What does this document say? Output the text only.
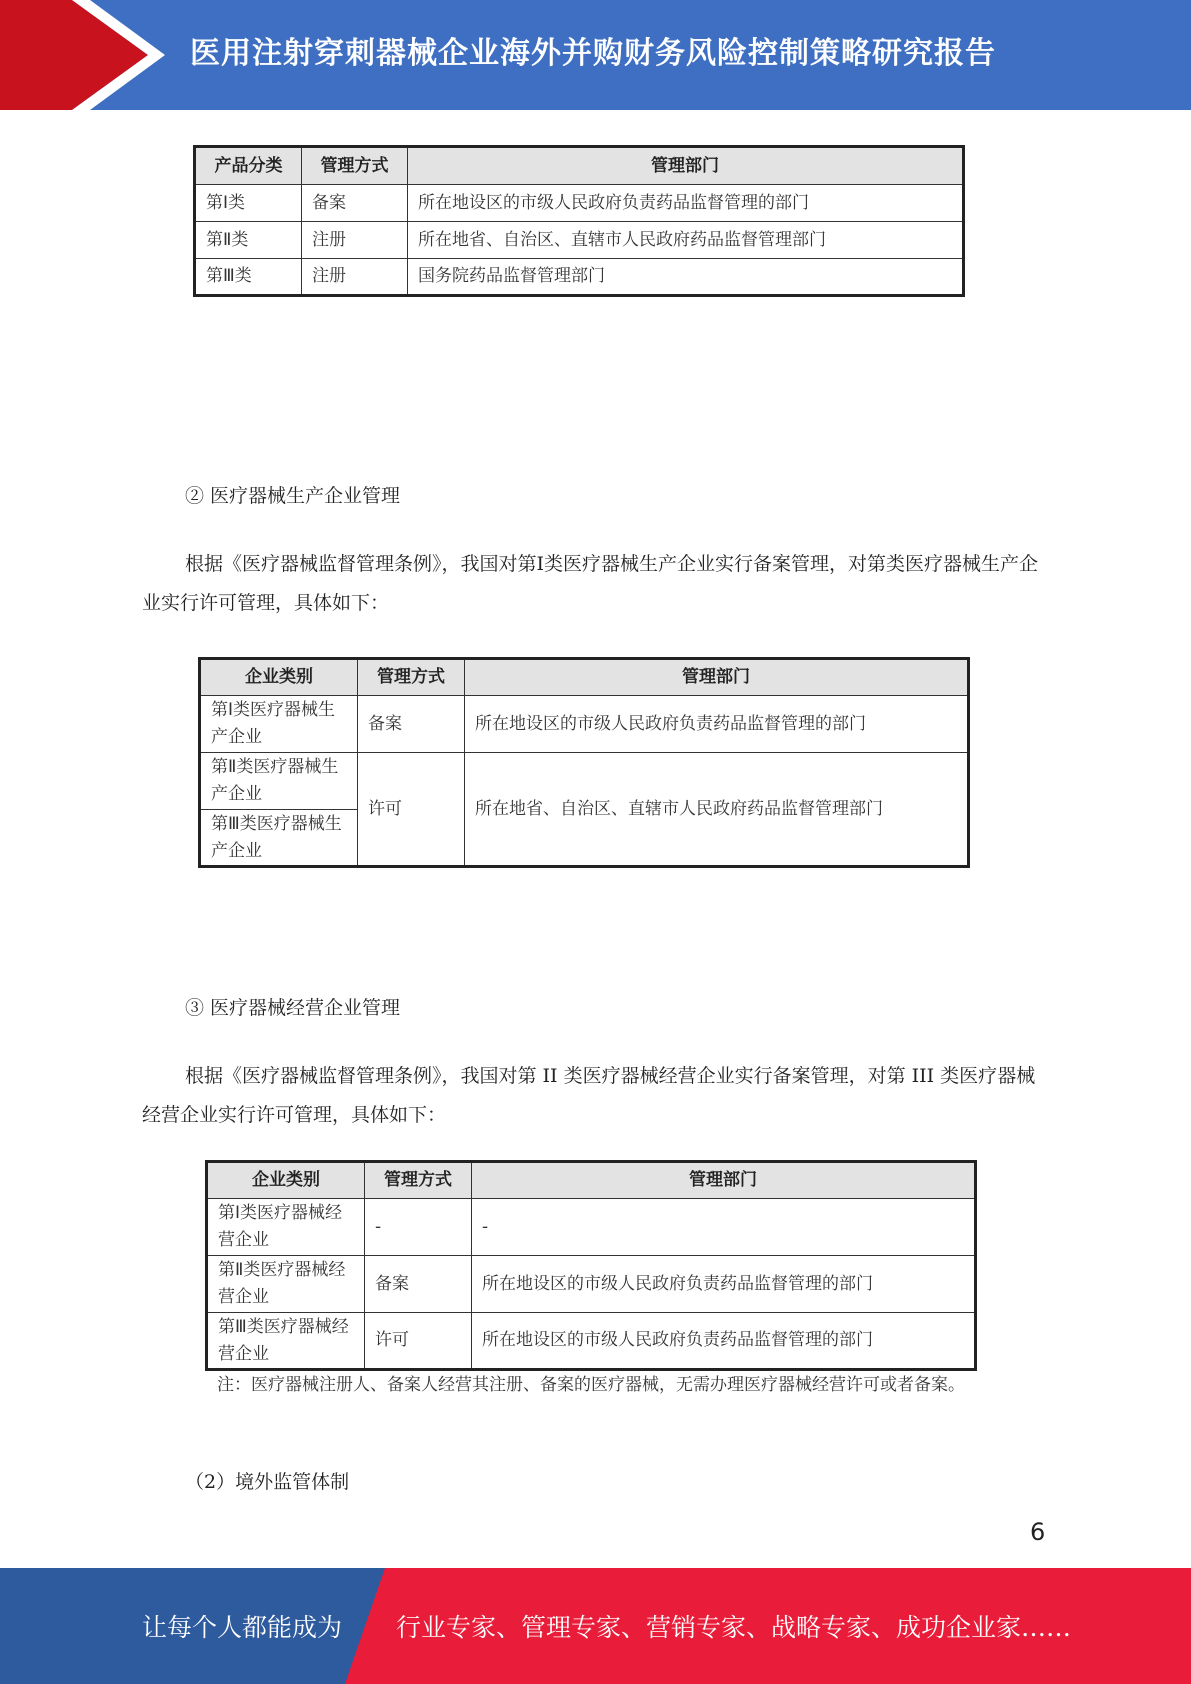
医用注射穿刺器械企业海外并购财务风险控制策略研究报告
产品分类	管理方式	管理部门
第Ⅰ类	备案	所在地设区的市级人民政府负责药品监督管理的部门
第Ⅱ类	注册	所在地省、自治区、直辖市人民政府药品监督管理部门
第Ⅲ类	注册	国务院药品监督管理部门
② 医疗器械生产企业管理
根据《医疗器械监督管理条例》，我国对第Ⅰ类医疗器械生产企业实行备案管理，对第类医疗器械生产企业实行许可管理，具体如下：
企业类别	管理方式	管理部门
第Ⅰ类医疗器械生产企业	备案	所在地设区的市级人民政府负责药品监督管理的部门
第Ⅱ类医疗器械生产企业	许可	所在地省、自治区、直辖市人民政府药品监督管理部门
第Ⅲ类医疗器械生产企业		
③ 医疗器械经营企业管理
根据《医疗器械监督管理条例》，我国对第 II 类医疗器械经营企业实行备案管理，对第 III 类医疗器械经营企业实行许可管理，具体如下：
企业类别	管理方式	管理部门
第Ⅰ类医疗器械经营企业	-	-
第Ⅱ类医疗器械经营企业	备案	所在地设区的市级人民政府负责药品监督管理的部门
第Ⅲ类医疗器械经营企业	许可	所在地设区的市级人民政府负责药品监督管理的部门
注：医疗器械注册人、备案人经营其注册、备案的医疗器械，无需办理医疗器械经营许可或者备案。
（2）境外监管体制
6
让每个人都能成为 行业专家、管理专家、营销专家、战略专家、成功企业家……
